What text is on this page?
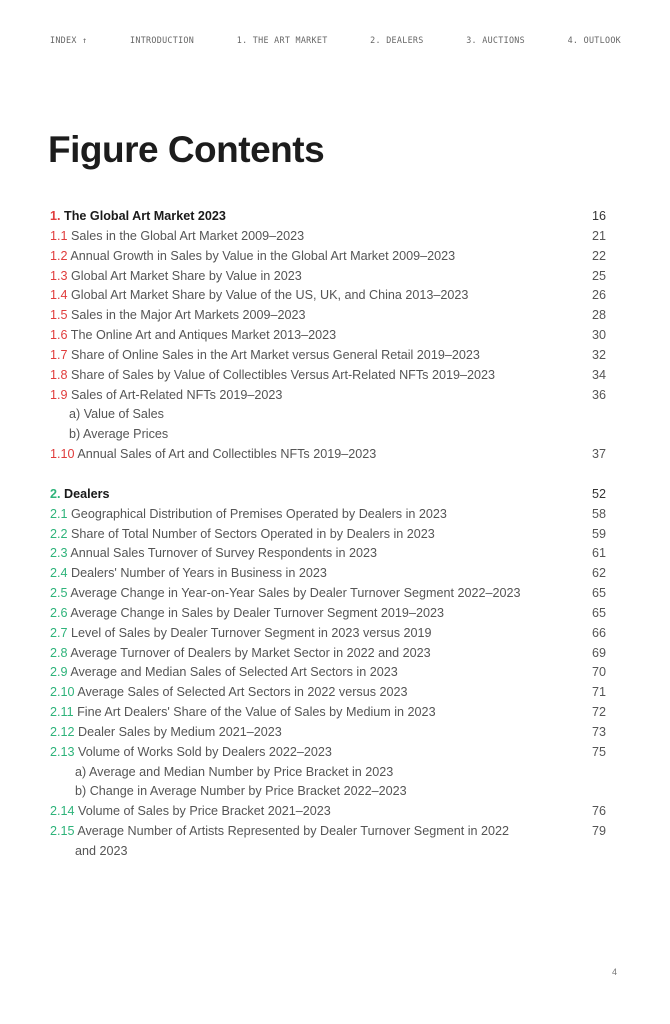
INDEX ↑	INTRODUCTION	1. THE ART MARKET	2. DEALERS	3. AUCTIONS	4. OUTLOOK
Figure Contents
1. The Global Art Market 2023	16
1.1 Sales in the Global Art Market 2009–2023	21
1.2 Annual Growth in Sales by Value in the Global Art Market 2009–2023	22
1.3 Global Art Market Share by Value in 2023	25
1.4 Global Art Market Share by Value of the US, UK, and China 2013–2023	26
1.5 Sales in the Major Art Markets 2009–2023	28
1.6 The Online Art and Antiques Market 2013–2023	30
1.7 Share of Online Sales in the Art Market versus General Retail 2019–2023	32
1.8 Share of Sales by Value of Collectibles Versus Art-Related NFTs 2019–2023	34
1.9 Sales of Art-Related NFTs 2019–2023	36
a) Value of Sales
b) Average Prices
1.10 Annual Sales of Art and Collectibles NFTs 2019–2023	37
2. Dealers	52
2.1 Geographical Distribution of Premises Operated by Dealers in 2023	58
2.2 Share of Total Number of Sectors Operated in by Dealers in 2023	59
2.3 Annual Sales Turnover of Survey Respondents in 2023	61
2.4 Dealers' Number of Years in Business in 2023	62
2.5 Average Change in Year-on-Year Sales by Dealer Turnover Segment 2022–2023	65
2.6 Average Change in Sales by Dealer Turnover Segment 2019–2023	65
2.7 Level of Sales by Dealer Turnover Segment in 2023 versus 2019	66
2.8 Average Turnover of Dealers by Market Sector in 2022 and 2023	69
2.9 Average and Median Sales of Selected Art Sectors in 2023	70
2.10 Average Sales of Selected Art Sectors in 2022 versus 2023	71
2.11 Fine Art Dealers' Share of the Value of Sales by Medium in 2023	72
2.12 Dealer Sales by Medium 2021–2023	73
2.13 Volume of Works Sold by Dealers 2022–2023	75
a) Average and Median Number by Price Bracket in 2023
b) Change in Average Number by Price Bracket 2022–2023
2.14 Volume of Sales by Price Bracket 2021–2023	76
2.15 Average Number of Artists Represented by Dealer Turnover Segment in 2022	79
and 2023
4
